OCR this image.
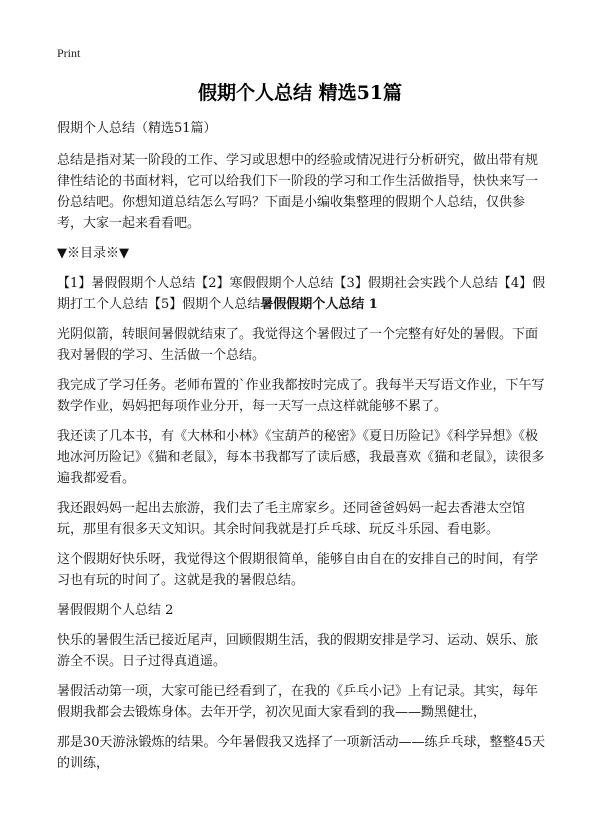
Print
假期个人总结 精选51篇

假期个人总结（精选51篇）

总结是指对某一阶段的工作、学习或思想中的经验或情况进行分析研究，做出带有规律性结论的书面材料，它可以给我们下一阶段的学习和工作生活做指导，快快来写一份总结吧。你想知道总结怎么写吗？下面是小编收集整理的假期个人总结，仅供参考，大家一起来看看吧。

▼※目录※▼

【1】暑假假期个人总结【2】寒假假期个人总结【3】假期社会实践个人总结【4】假期打工个人总结【5】假期个人总结暑假假期个人总结 1

光阴似箭，转眼间暑假就结束了。我觉得这个暑假过了一个完整有好处的暑假。下面我对暑假的学习、生活做一个总结。

我完成了学习任务。老师布置的`作业我都按时完成了。我每半天写语文作业，下午写数学作业，妈妈把每项作业分开，每一天写一点这样就能够不累了。

我还读了几本书，有《大林和小林》《宝葫芦的秘密》《夏日历险记》《科学异想》《极地冰河历险记》《猫和老鼠》，每本书我都写了读后感，我最喜欢《猫和老鼠》，读很多遍我都爱看。

我还跟妈妈一起出去旅游，我们去了毛主席家乡。还同爸爸妈妈一起去香港太空馆玩，那里有很多天文知识。其余时间我就是打乒乓球、玩反斗乐园、看电影。

这个假期好快乐呀，我觉得这个假期很简单，能够自由自在的安排自己的时间，有学习也有玩的时间了。这就是我的暑假总结。

暑假假期个人总结 2

快乐的暑假生活已接近尾声，回顾假期生活，我的假期安排是学习、运动、娱乐、旅游全不误。日子过得真逍遥。

暑假活动第一项，大家可能已经看到了，在我的《乒乓小记》上有记录。其实，每年假期我都会去锻炼身体。去年开学，初次见面大家看到的我——黝黑健壮，

那是30天游泳锻炼的结果。今年暑假我又选择了一项新活动——练乒乓球，整整45天的训练，
